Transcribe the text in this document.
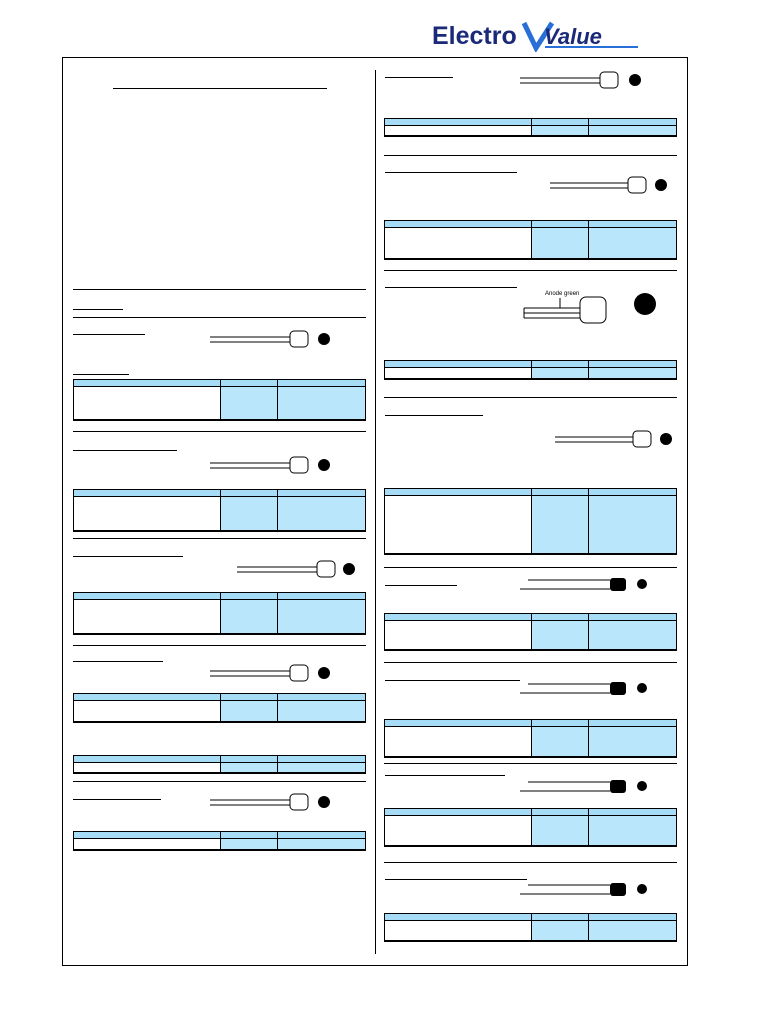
Electro Value
Anode green
